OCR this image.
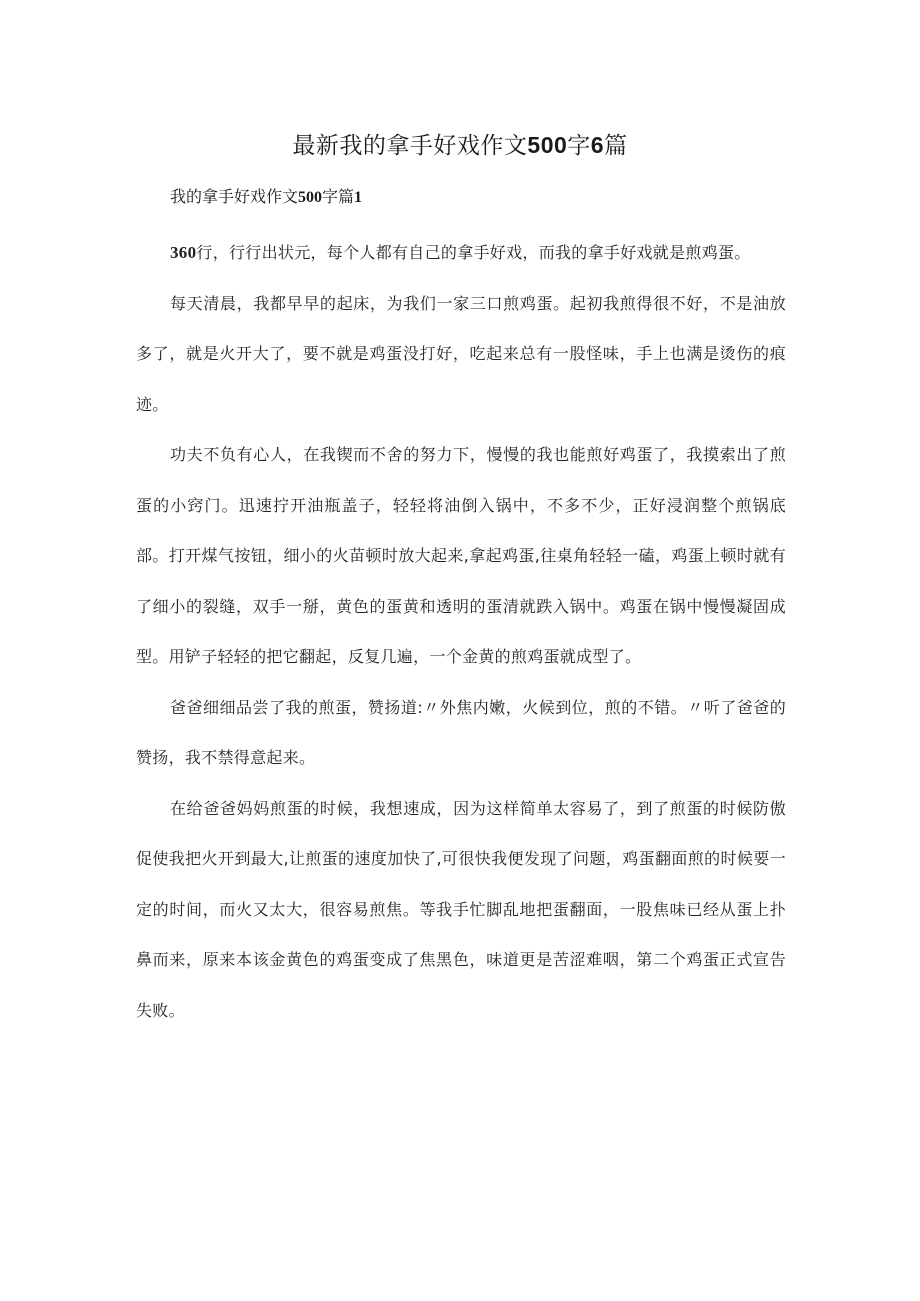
最新我的拿手好戏作文500字6篇
我的拿手好戏作文500字篇1

360行，行行出状元，每个人都有自己的拿手好戏，而我的拿手好戏就是煎鸡蛋。

每天清晨，我都早早的起床，为我们一家三口煎鸡蛋。起初我煎得很不好，不是油放多了，就是火开大了，要不就是鸡蛋没打好，吃起来总有一股怪味，手上也满是烫伤的痕迹。

功夫不负有心人，在我锲而不舍的努力下，慢慢的我也能煎好鸡蛋了，我摸索出了煎蛋的小窍门。迅速拧开油瓶盖子，轻轻将油倒入锅中，不多不少，正好浸润整个煎锅底部。打开煤气按钮，细小的火苗顿时放大起来,拿起鸡蛋,往桌角轻轻一磕，鸡蛋上顿时就有了细小的裂缝，双手一掰，黄色的蛋黄和透明的蛋清就跌入锅中。鸡蛋在锅中慢慢凝固成型。用铲子轻轻的把它翻起，反复几遍，一个金黄的煎鸡蛋就成型了。

爸爸细细品尝了我的煎蛋，赞扬道:〃外焦内嫩，火候到位，煎的不错。〃听了爸爸的赞扬，我不禁得意起来。

在给爸爸妈妈煎蛋的时候，我想速成，因为这样简单太容易了，到了煎蛋的时候防傲促使我把火开到最大,让煎蛋的速度加快了,可很快我便发现了问题，鸡蛋翻面煎的时候要一定的时间，而火又太大，很容易煎焦。等我手忙脚乱地把蛋翻面，一股焦味已经从蛋上扑鼻而来，原来本该金黄色的鸡蛋变成了焦黑色，味道更是苦涩难咽，第二个鸡蛋正式宣告失败。
